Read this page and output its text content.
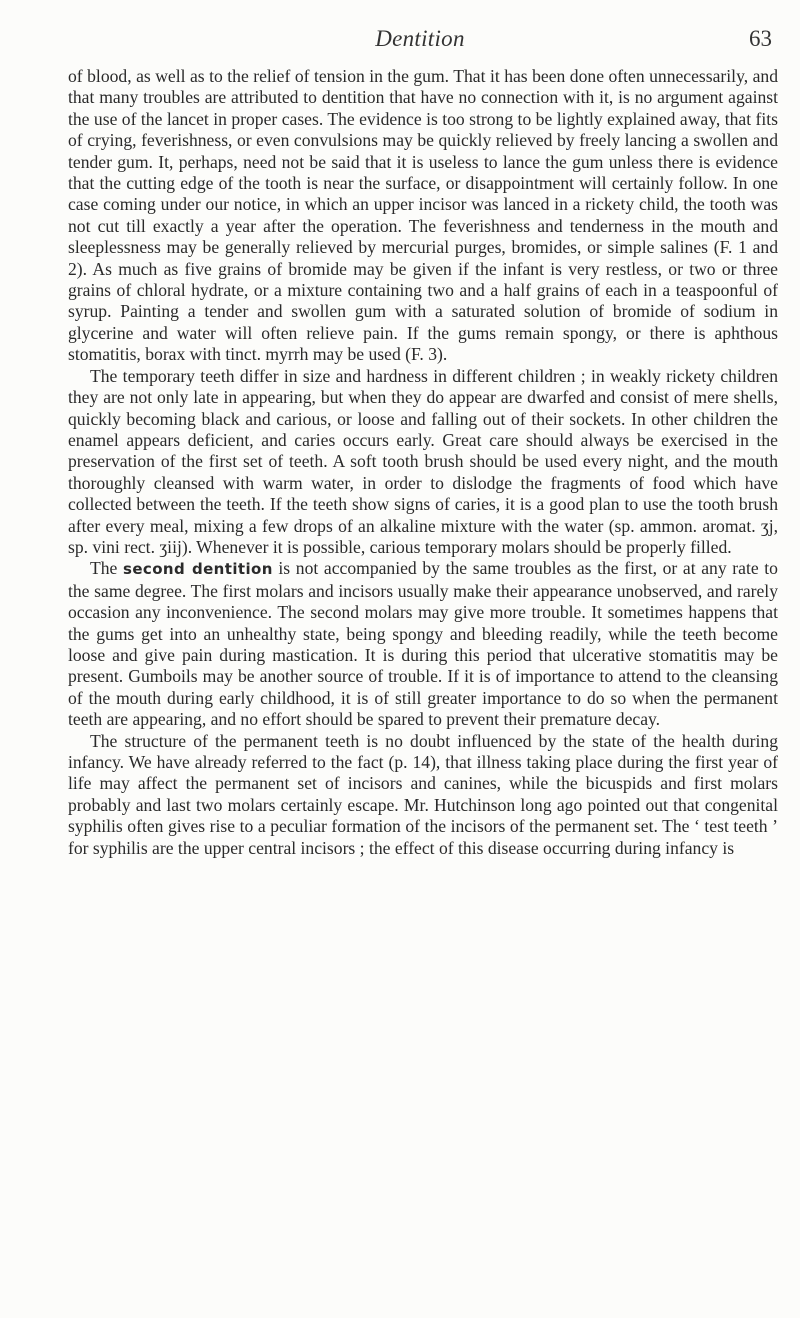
Dentition	63

of blood, as well as to the relief of tension in the gum. That it has been done often unnecessarily, and that many troubles are attributed to dentition that have no connection with it, is no argument against the use of the lancet in proper cases. The evidence is too strong to be lightly explained away, that fits of crying, feverishness, or even convulsions may be quickly relieved by freely lancing a swollen and tender gum. It, perhaps, need not be said that it is useless to lance the gum unless there is evidence that the cutting edge of the tooth is near the surface, or disappointment will certainly follow. In one case coming under our notice, in which an upper incisor was lanced in a rickety child, the tooth was not cut till exactly a year after the operation. The feverishness and tenderness in the mouth and sleeplessness may be generally relieved by mercurial purges, bromides, or simple salines (F. 1 and 2). As much as five grains of bromide may be given if the infant is very restless, or two or three grains of chloral hydrate, or a mixture containing two and a half grains of each in a teaspoonful of syrup. Painting a tender and swollen gum with a saturated solution of bromide of sodium in glycerine and water will often relieve pain. If the gums remain spongy, or there is aphthous stomatitis, borax with tinct. myrrh may be used (F. 3).

The temporary teeth differ in size and hardness in different children ; in weakly rickety children they are not only late in appearing, but when they do appear are dwarfed and consist of mere shells, quickly becoming black and carious, or loose and falling out of their sockets. In other children the enamel appears deficient, and caries occurs early. Great care should always be exercised in the preservation of the first set of teeth. A soft tooth brush should be used every night, and the mouth thoroughly cleansed with warm water, in order to dislodge the fragments of food which have collected between the teeth. If the teeth show signs of caries, it is a good plan to use the tooth brush after every meal, mixing a few drops of an alkaline mixture with the water (sp. ammon. aromat. ʒj, sp. vini rect. ʒiij). Whenever it is possible, carious temporary molars should be properly filled.

The second dentition is not accompanied by the same troubles as the first, or at any rate to the same degree. The first molars and incisors usually make their appearance unobserved, and rarely occasion any inconvenience. The second molars may give more trouble. It sometimes happens that the gums get into an unhealthy state, being spongy and bleeding readily, while the teeth become loose and give pain during mastication. It is during this period that ulcerative stomatitis may be present. Gumboils may be another source of trouble. If it is of importance to attend to the cleansing of the mouth during early childhood, it is of still greater importance to do so when the permanent teeth are appearing, and no effort should be spared to prevent their premature decay.

The structure of the permanent teeth is no doubt influenced by the state of the health during infancy. We have already referred to the fact (p. 14), that illness taking place during the first year of life may affect the permanent set of incisors and canines, while the bicuspids and first molars probably and last two molars certainly escape. Mr. Hutchinson long ago pointed out that congenital syphilis often gives rise to a peculiar formation of the incisors of the permanent set. The ‘ test teeth ’ for syphilis are the upper central incisors ; the effect of this disease occurring during infancy is
